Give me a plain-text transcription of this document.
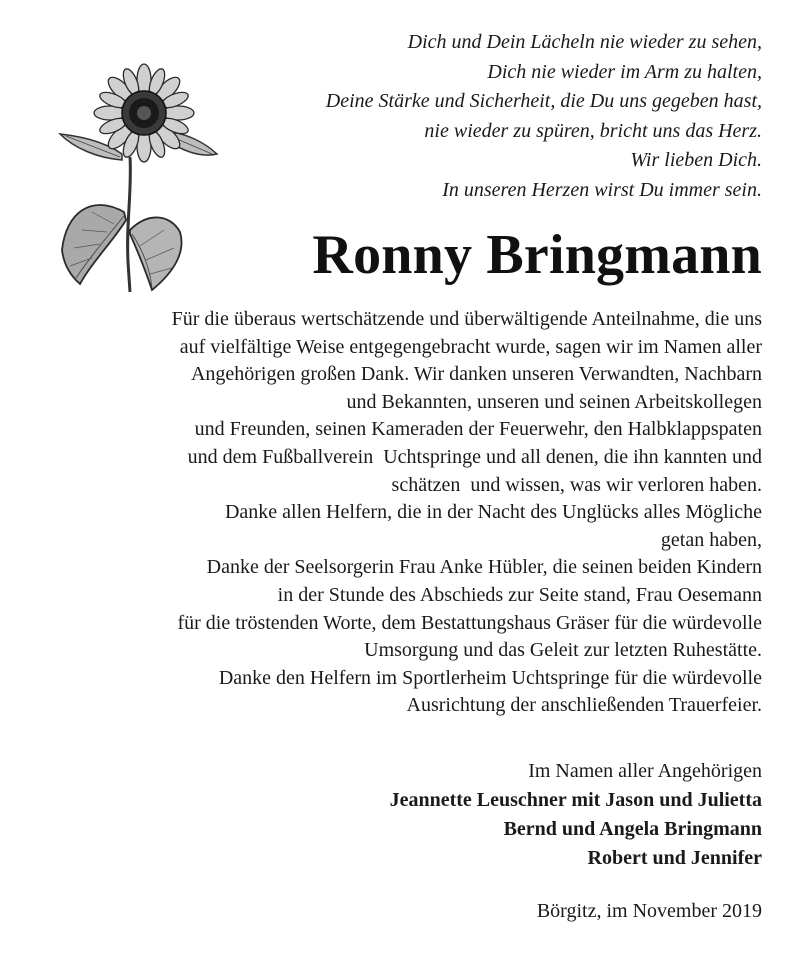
Dich und Dein Lächeln nie wieder zu sehen,
Dich nie wieder im Arm zu halten,
Deine Stärke und Sicherheit, die Du uns gegeben hast,
nie wieder zu spüren, bricht uns das Herz.
Wir lieben Dich.
In unseren Herzen wirst Du immer sein.
Ronny Bringmann
Für die überaus wertschätzende und überwältigende Anteilnahme, die uns
auf vielfältige Weise entgegengebracht wurde, sagen wir im Namen aller
Angehörigen großen Dank. Wir danken unseren Verwandten, Nachbarn
und Bekannten, unseren und seinen Arbeitskollegen
und Freunden, seinen Kameraden der Feuerwehr, den Halbklappspaten
und dem Fußballverein  Uchtspringe und all denen, die ihn kannten und
schätzen  und wissen, was wir verloren haben.
Danke allen Helfern, die in der Nacht des Unglücks alles Mögliche
getan haben,
Danke der Seelsorgerin Frau Anke Hübler, die seinen beiden Kindern
in der Stunde des Abschieds zur Seite stand, Frau Oesemann
für die tröstenden Worte, dem Bestattungshaus Gräser für die würdevolle
Umsorgung und das Geleit zur letzten Ruhestätte.
Danke den Helfern im Sportlerheim Uchtspringe für die würdevolle
Ausrichtung der anschließenden Trauerfeier.
Im Namen aller Angehörigen
Jeannette Leuschner mit Jason und Julietta
Bernd und Angela Bringmann
Robert und Jennifer
Börgitz, im November 2019
